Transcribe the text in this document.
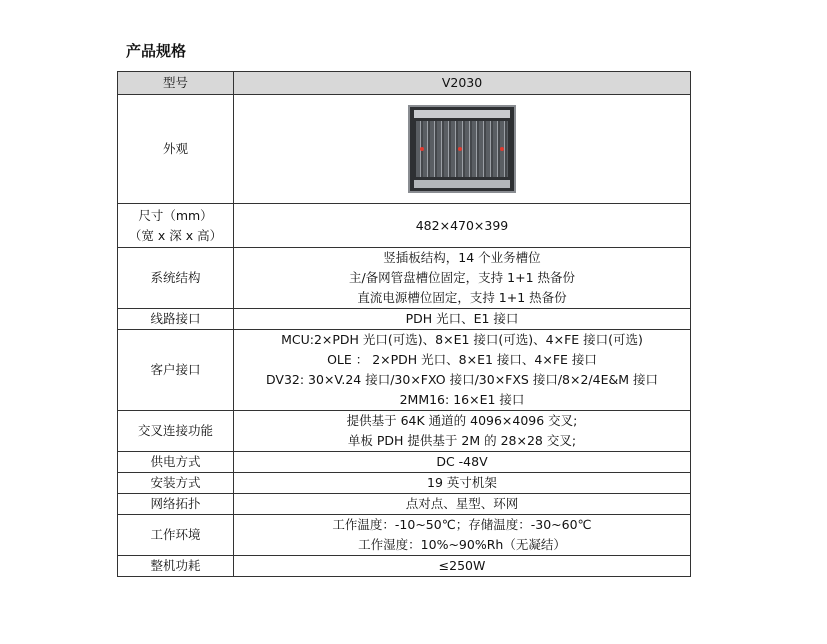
产品规格
型号	V2030

外观	

尺寸（mm）
（宽 x 深 x 高）	482×470×399

系统结构	竖插板结构，14 个业务槽位
主/备网管盘槽位固定，支持 1+1 热备份
直流电源槽位固定，支持 1+1 热备份

线路接口	PDH 光口、E1 接口

客户接口	MCU:2×PDH 光口(可选)、8×E1 接口(可选)、4×FE 接口(可选)
OLE ： 2×PDH 光口、8×E1 接口、4×FE 接口
DV32: 30×V.24 接口/30×FXO 接口/30×FXS 接口/8×2/4E&M 接口
2MM16: 16×E1 接口

交叉连接功能	提供基于 64K 通道的 4096×4096 交叉;
单板 PDH 提供基于 2M 的 28×28 交叉;

供电方式	DC -48V

安装方式	19 英寸机架

网络拓扑	点对点、星型、环网

工作环境	工作温度：-10~50℃；存储温度：-30~60℃
工作湿度：10%~90%Rh（无凝结）

整机功耗	≤250W
